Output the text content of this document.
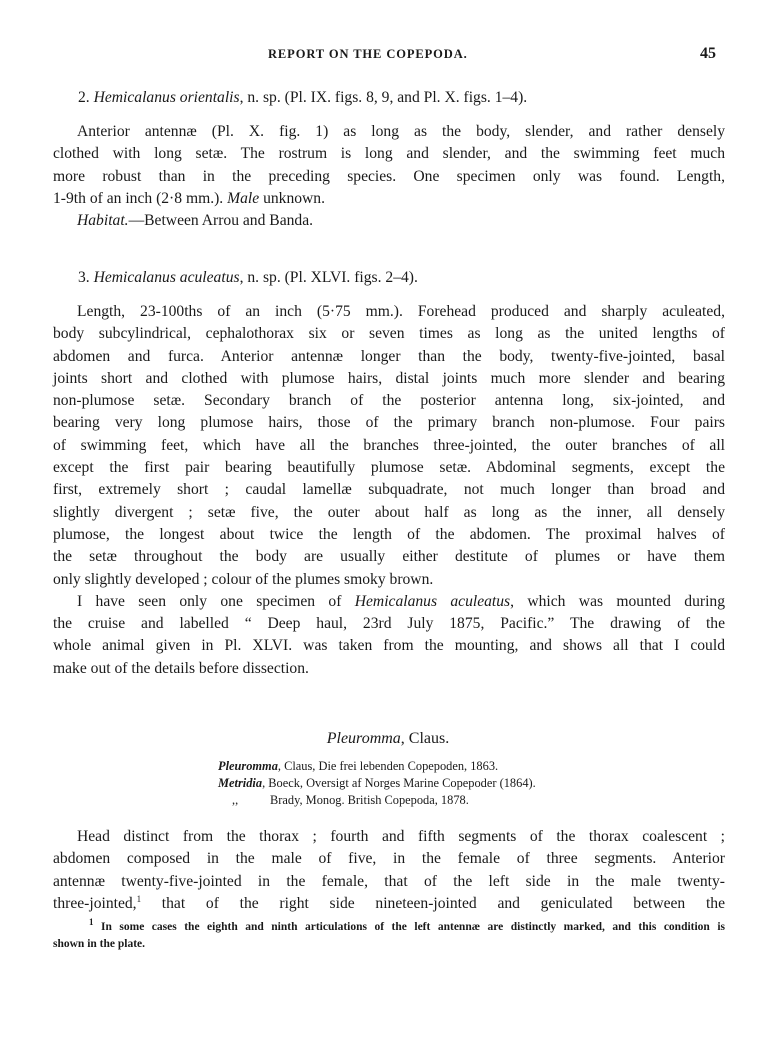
REPORT ON THE COPEPODA.	45
2. Hemicalanus orientalis, n. sp. (Pl. IX. figs. 8, 9, and Pl. X. figs. 1–4).
Anterior antennæ (Pl. X. fig. 1) as long as the body, slender, and rather densely
clothed with long setæ. The rostrum is long and slender, and the swimming feet much
more robust than in the preceding species. One specimen only was found. Length,
1-9th of an inch (2·8 mm.). Male unknown.
Habitat.—Between Arrou and Banda.
3. Hemicalanus aculeatus, n. sp. (Pl. XLVI. figs. 2–4).
Length, 23-100ths of an inch (5·75 mm.). Forehead produced and sharply aculeated,
body subcylindrical, cephalothorax six or seven times as long as the united lengths of
abdomen and furca. Anterior antennæ longer than the body, twenty-five-jointed, basal
joints short and clothed with plumose hairs, distal joints much more slender and bearing
non-plumose setæ. Secondary branch of the posterior antenna long, six-jointed, and
bearing very long plumose hairs, those of the primary branch non-plumose. Four pairs
of swimming feet, which have all the branches three-jointed, the outer branches of all
except the first pair bearing beautifully plumose setæ. Abdominal segments, except the
first, extremely short ; caudal lamellæ subquadrate, not much longer than broad and
slightly divergent ; setæ five, the outer about half as long as the inner, all densely
plumose, the longest about twice the length of the abdomen. The proximal halves of
the setæ throughout the body are usually either destitute of plumes or have them
only slightly developed ; colour of the plumes smoky brown.
I have seen only one specimen of Hemicalanus aculeatus, which was mounted during
the cruise and labelled “ Deep haul, 23rd July 1875, Pacific.” The drawing of the
whole animal given in Pl. XLVI. was taken from the mounting, and shows all that I could
make out of the details before dissection.
Pleuromma, Claus.
Pleuromma, Claus, Die frei lebenden Copepoden, 1863.
Metridia, Boeck, Oversigt af Norges Marine Copepoder (1864).
,,	Brady, Monog. British Copepoda, 1878.
Head distinct from the thorax ; fourth and fifth segments of the thorax coalescent ;
abdomen composed in the male of five, in the female of three segments. Anterior
antennæ twenty-five-jointed in the female, that of the left side in the male twenty-
three-jointed,$^1$ that of the right side nineteen-jointed and geniculated between the
$^1$ In some cases the eighth and ninth articulations of the left antennæ are distinctly marked, and this condition is
shown in the plate.
